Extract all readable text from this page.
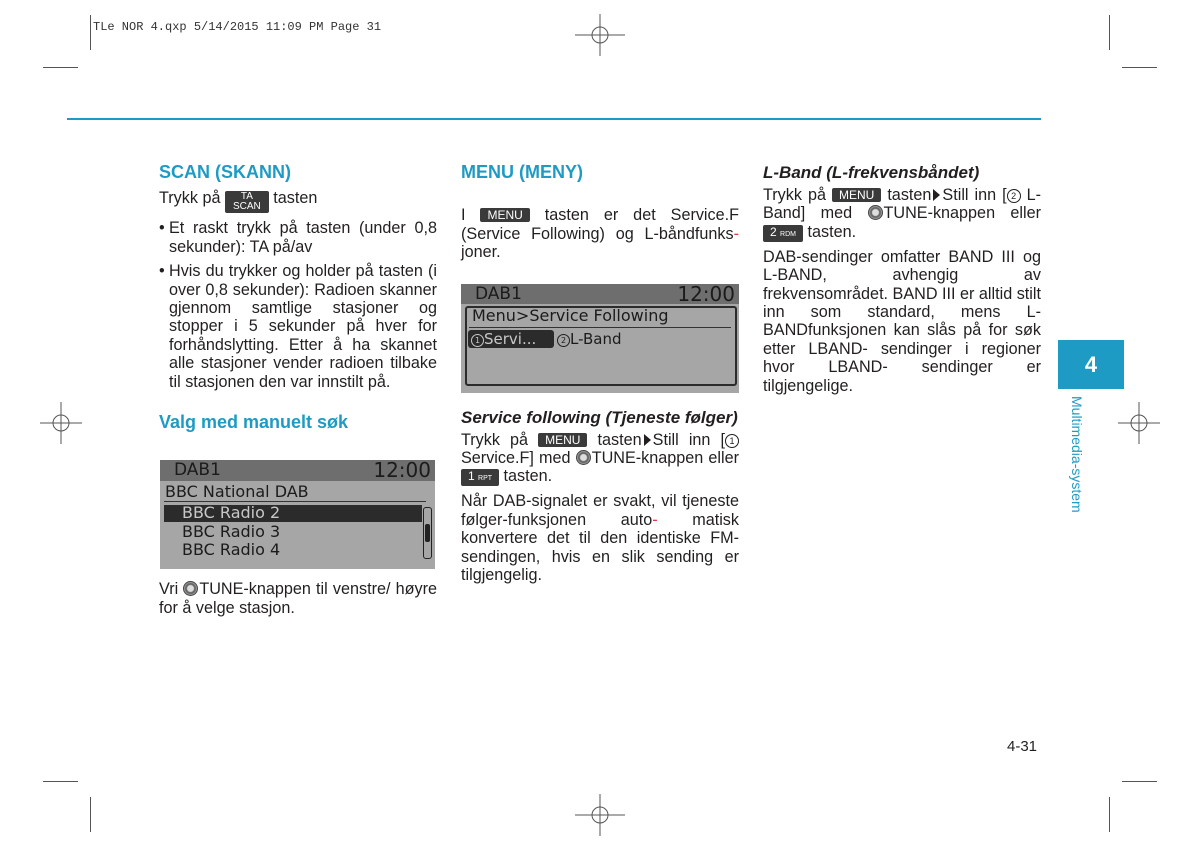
TLe NOR 4.qxp 5/14/2015 11:09 PM Page 31
SCAN (SKANN)

Trykk på TA
SCAN tasten

• Et raskt trykk på tasten (under 0,8 sekunder): TA på/av
• Hvis du trykker og holder på tasten (i over 0,8 sekunder): Radioen skanner gjennom samtlige stasjoner og stopper i 5 sekunder på hver for forhåndslytting. Etter å ha skannet alle stasjoner vender radioen tilbake til stasjonen den var innstilt på.
Valg med manuelt søk

Vri TUNE-knappen til venstre/ høyre for å velge stasjon.

DAB1	12:00
BBC National DAB
BBC Radio 2
BBC Radio 3
BBC Radio 4
MENU (MENY)

I MENU tasten er det Service.F (Service Following) og L-båndfunks- joner.

Service following (Tjeneste følger)

Trykk på MENU tasten Still inn [ 1 Service.F] med TUNE-knappen eller 1 RPT tasten.

Når DAB-signalet er svakt, vil tjeneste følger-funksjonen auto- matisk konvertere det til den identiske FM-sendingen, hvis en slik sending er tilgjengelig.

DAB1	12:00
Menu>Service Following
1 Servi...	2 L-Band
L-Band (L-frekvensbåndet)

Trykk på MENU tasten Still inn [ 2 L-Band] med TUNE-knappen eller 2 RDM tasten.

DAB-sendinger omfatter BAND III og L-BAND, avhengig av frekvensområdet. BAND III er alltid stilt inn som standard, mens L-BANDfunksjonen kan slås på for søk etter LBAND- sendinger i regioner hvor LBAND- sendinger er tilgjengelige.

4
Multimedia-system
4-31
